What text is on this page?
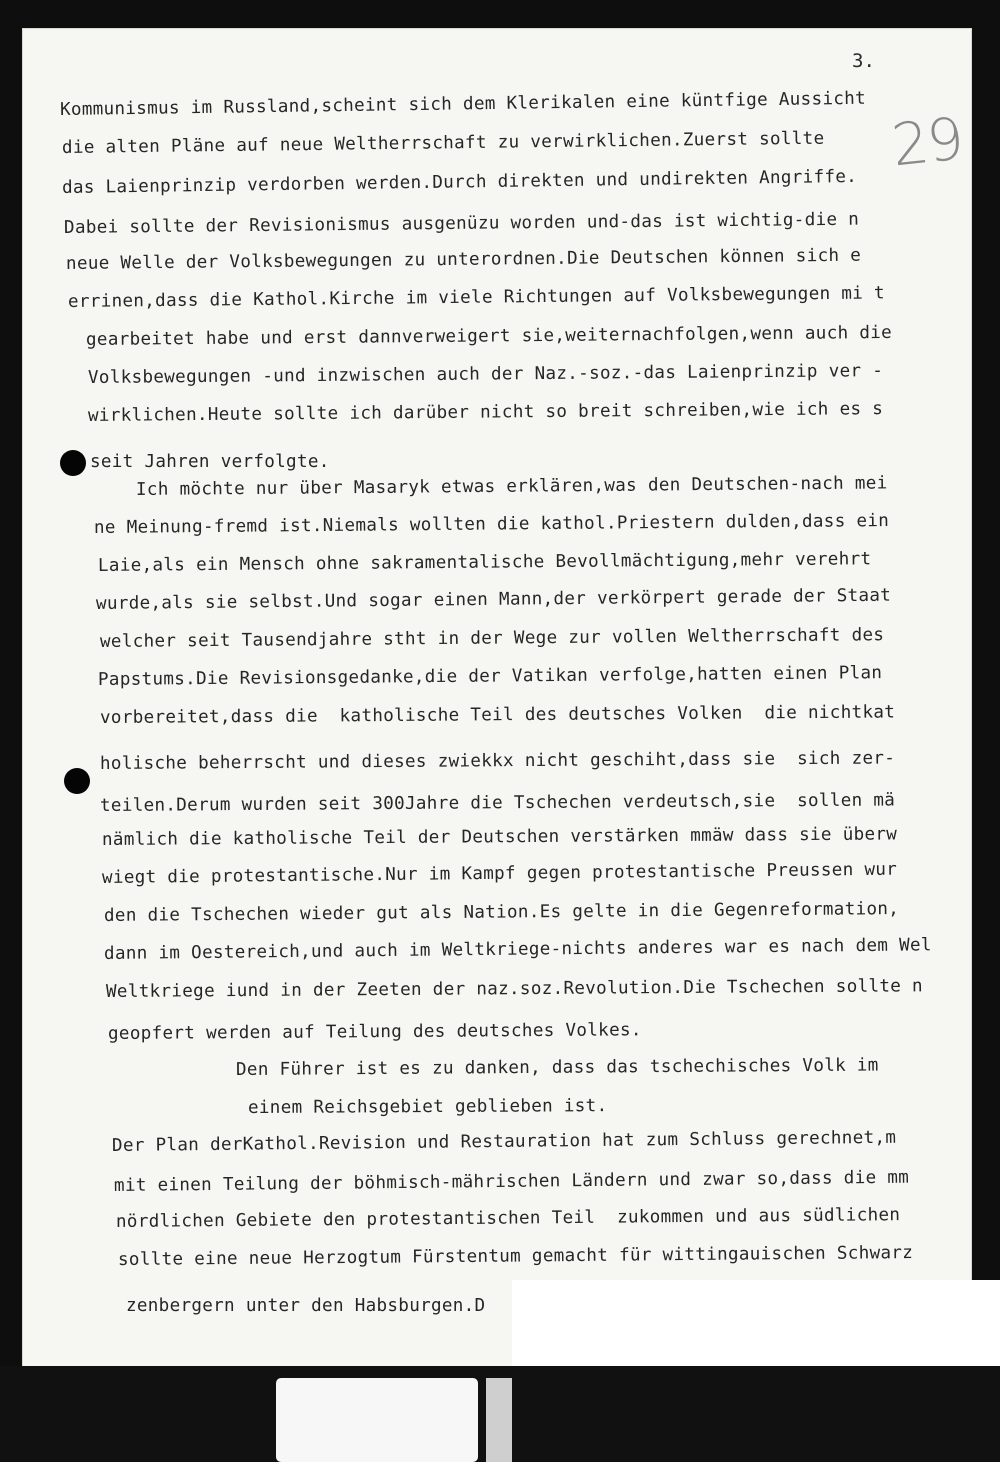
3.
29
Kommunismus im Russland,scheint sich dem Klerikalen eine küntfige Aussicht
die alten Pläne auf neue Weltherrschaft zu verwirklichen.Zuerst sollte
das Laienprinzip verdorben werden.Durch direkten und undirekten Angriffe.
Dabei sollte der Revisionismus ausgenüzu worden und-das ist wichtig-die n
neue Welle der Volksbewegungen zu unterordnen.Die Deutschen können sich e
errinen,dass die Kathol.Kirche im viele Richtungen auf Volksbewegungen mi t
gearbeitet habe und erst dannverweigert sie,weiternachfolgen,wenn auch die
Volksbewegungen -und inzwischen auch der Naz.-soz.-das Laienprinzip ver -
wirklichen.Heute sollte ich darüber nicht so breit schreiben,wie ich es s
seit Jahren verfolgte.
Ich möchte nur über Masaryk etwas erklären,was den Deutschen-nach mei
ne Meinung-fremd ist.Niemals wollten die kathol.Priestern dulden,dass ein
Laie,als ein Mensch ohne sakramentalische Bevollmächtigung,mehr verehrt
wurde,als sie selbst.Und sogar einen Mann,der verkörpert gerade der Staat
welcher seit Tausendjahre stht in der Wege zur vollen Weltherrschaft des
Papstums.Die Revisionsgedanke,die der Vatikan verfolge,hatten einen Plan
vorbereitet,dass die  katholische Teil des deutsches Volken  die nichtkat
holische beherrscht und dieses zwiekkx nicht geschiht,dass sie  sich zer-
teilen.Derum wurden seit 300Jahre die Tschechen verdeutsch,sie  sollen mä
nämlich die katholische Teil der Deutschen verstärken mmäw dass sie überw
wiegt die protestantische.Nur im Kampf gegen protestantische Preussen wur
den die Tschechen wieder gut als Nation.Es gelte in die Gegenreformation,
dann im Oestereich,und auch im Weltkriege-nichts anderes war es nach dem Wel
Weltkriege iund in der Zeeten der naz.soz.Revolution.Die Tschechen sollte n
geopfert werden auf Teilung des deutsches Volkes.
Den Führer ist es zu danken, dass das tschechisches Volk im
einem Reichsgebiet geblieben ist.
Der Plan derKathol.Revision und Restauration hat zum Schluss gerechnet,m
mit einen Teilung der böhmisch-mährischen Ländern und zwar so,dass die mm
nördlichen Gebiete den protestantischen Teil  zukommen und aus südlichen
sollte eine neue Herzogtum Fürstentum gemacht für wittingauischen Schwarz
zenbergern unter den Habsburgen.D
